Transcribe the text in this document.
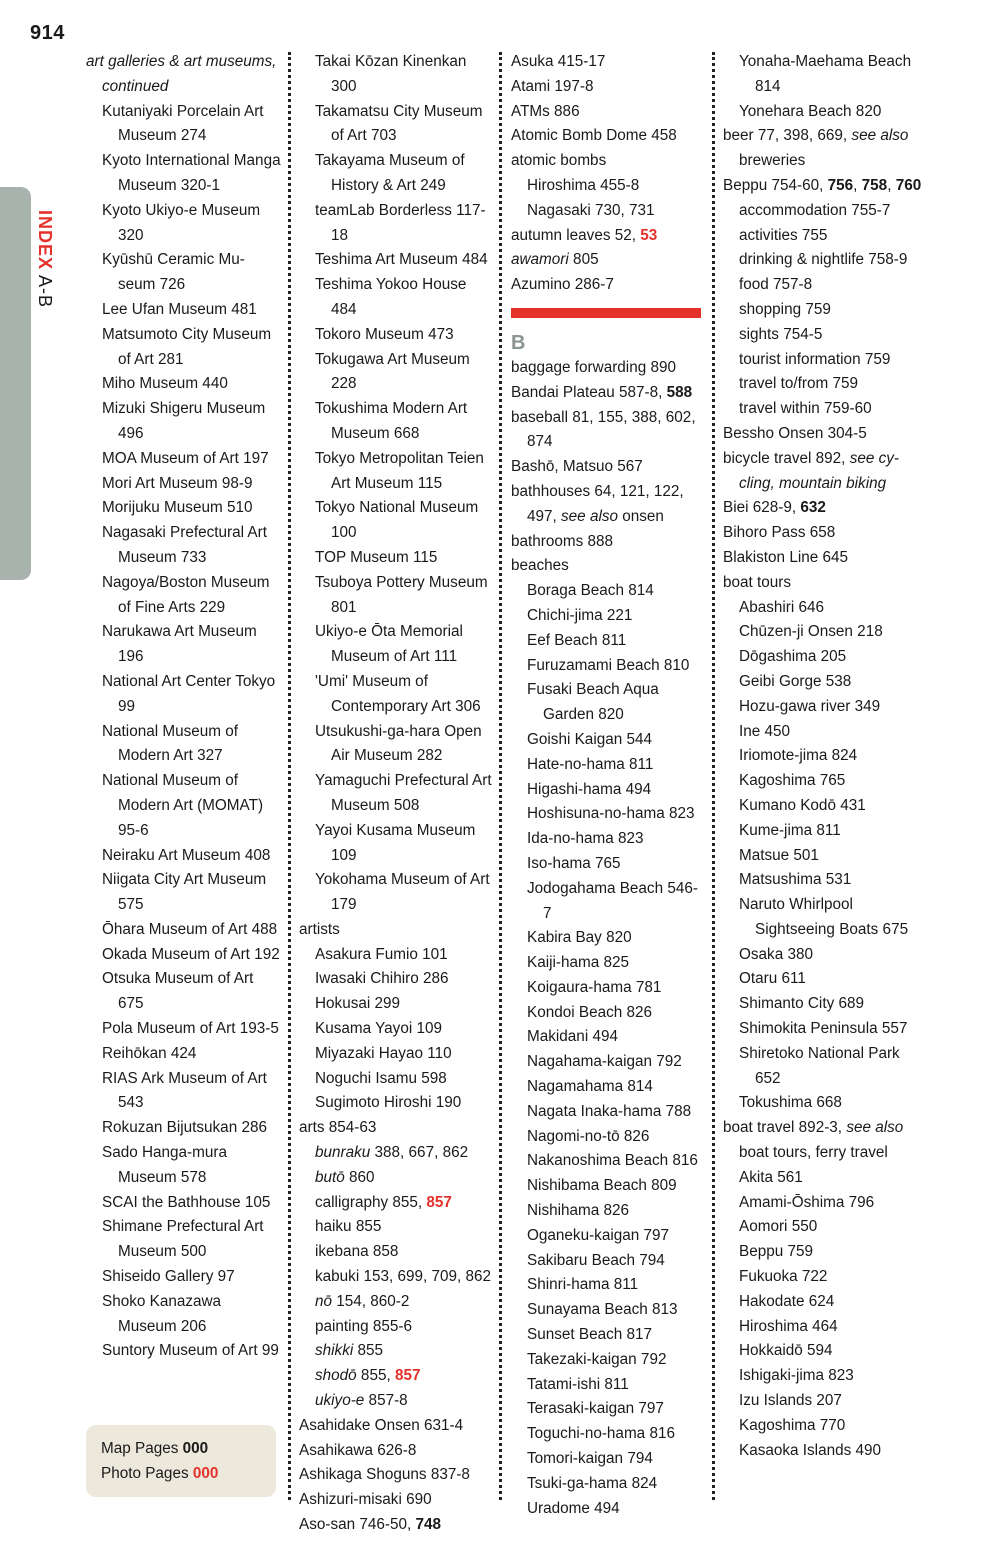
914
INDEX A-B
art galleries & art museums, continued
Kutaniyaki Porcelain Art Museum 274
Kyoto International Manga Museum 320-1
Kyoto Ukiyo-e Museum 320
Kyūshū Ceramic Mu-seum 726
Lee Ufan Museum 481
Matsumoto City Museum of Art 281
Miho Museum 440
Mizuki Shigeru Museum 496
MOA Museum of Art 197
Mori Art Museum 98-9
Morijuku Museum 510
Nagasaki Prefectural Art Museum 733
Nagoya/Boston Museum of Fine Arts 229
Narukawa Art Museum 196
National Art Center Tokyo 99
National Museum of Modern Art 327
National Museum of Modern Art (MOMAT) 95-6
Neiraku Art Museum 408
Niigata City Art Museum 575
Ōhara Museum of Art 488
Okada Museum of Art 192
Otsuka Museum of Art 675
Pola Museum of Art 193-5
Reihōkan 424
RIAS Ark Museum of Art 543
Rokuzan Bijutsukan 286
Sado Hanga-mura Museum 578
SCAI the Bathhouse 105
Shimane Prefectural Art Museum 500
Shiseido Gallery 97
Shoko Kanazawa Museum 206
Suntory Museum of Art 99
Takai Kōzan Kinenkan 300
Takamatsu City Museum of Art 703
Takayama Museum of History & Art 249
teamLab Borderless 117-18
Teshima Art Museum 484
Teshima Yokoo House 484
Tokoro Museum 473
Tokugawa Art Museum 228
Tokushima Modern Art Museum 668
Tokyo Metropolitan Teien Art Museum 115
Tokyo National Museum 100
TOP Museum 115
Tsuboya Pottery Museum 801
Ukiyo-e Ōta Memorial Museum of Art 111
'Umi' Museum of Contemporary Art 306
Utsukushi-ga-hara Open Air Museum 282
Yamaguchi Prefectural Art Museum 508
Yayoi Kusama Museum 109
Yokohama Museum of Art 179
artists
Asakura Fumio 101
Iwasaki Chihiro 286
Hokusai 299
Kusama Yayoi 109
Miyazaki Hayao 110
Noguchi Isamu 598
Sugimoto Hiroshi 190
arts 854-63
bunraku 388, 667, 862
butō 860
calligraphy 855, 857
haiku 855
ikebana 858
kabuki 153, 699, 709, 862
nō 154, 860-2
painting 855-6
shikki 855
shodō 855, 857
ukiyo-e 857-8
Asahidake Onsen 631-4
Asahikawa 626-8
Ashikaga Shoguns 837-8
Ashizuri-misaki 690
Aso-san 746-50, 748
Asuka 415-17
Atami 197-8
ATMs 886
Atomic Bomb Dome 458
atomic bombs
Hiroshima 455-8
Nagasaki 730, 731
autumn leaves 52, 53
awamori 805
Azumino 286-7
B
baggage forwarding 890
Bandai Plateau 587-8, 588
baseball 81, 155, 388, 602, 874
Bashō, Matsuo 567
bathhouses 64, 121, 122, 497, see also onsen
bathrooms 888
beaches
Boraga Beach 814
Chichi-jima 221
Eef Beach 811
Furuzamami Beach 810
Fusaki Beach Aqua Garden 820
Goishi Kaigan 544
Hate-no-hama 811
Higashi-hama 494
Hoshisuna-no-hama 823
Ida-no-hama 823
Iso-hama 765
Jodogahama Beach 546-7
Kabira Bay 820
Kaiji-hama 825
Koigaura-hama 781
Kondoi Beach 826
Makidani 494
Nagahama-kaigan 792
Nagamahama 814
Nagata Inaka-hama 788
Nagomi-no-tō 826
Nakanoshima Beach 816
Nishibama Beach 809
Nishihama 826
Oganeku-kaigan 797
Sakibaru Beach 794
Shinri-hama 811
Sunayama Beach 813
Sunset Beach 817
Takezaki-kaigan 792
Tatami-ishi 811
Terasaki-kaigan 797
Toguchi-no-hama 816
Tomori-kaigan 794
Tsuki-ga-hama 824
Uradome 494
Yonaha-Maehama Beach 814
Yonehara Beach 820
beer 77, 398, 669, see also breweries
Beppu 754-60, 756, 758, 760
accommodation 755-7
activities 755
drinking & nightlife 758-9
food 757-8
shopping 759
sights 754-5
tourist information 759
travel to/from 759
travel within 759-60
Bessho Onsen 304-5
bicycle travel 892, see cy-cling, mountain biking
Biei 628-9, 632
Bihoro Pass 658
Blakiston Line 645
boat tours
Abashiri 646
Chūzen-ji Onsen 218
Dōgashima 205
Geibi Gorge 538
Hozu-gawa river 349
Ine 450
Iriomote-jima 824
Kagoshima 765
Kumano Kodō 431
Kume-jima 811
Matsue 501
Matsushima 531
Naruto Whirlpool Sightseeing Boats 675
Osaka 380
Otaru 611
Shimanto City 689
Shimokita Peninsula 557
Shiretoko National Park 652
Tokushima 668
boat travel 892-3, see also boat tours, ferry travel
Akita 561
Amami-Ōshima 796
Aomori 550
Beppu 759
Fukuoka 722
Hakodate 624
Hiroshima 464
Hokkaidō 594
Ishigaki-jima 823
Izu Islands 207
Kagoshima 770
Kasaoka Islands 490
Map Pages 000
Photo Pages 000
